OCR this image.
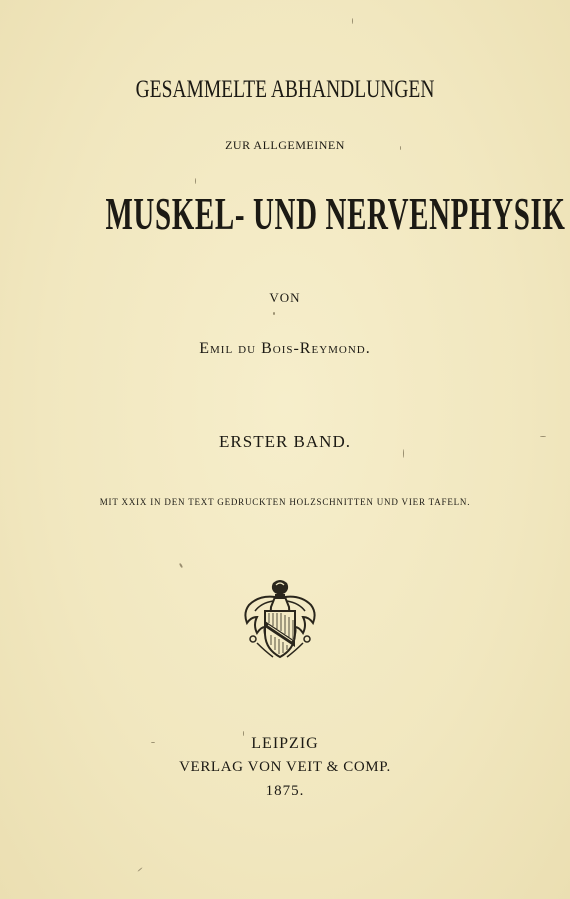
GESAMMELTE ABHANDLUNGEN
ZUR ALLGEMEINEN
MUSKEL- UND NERVENPHYSIK
VON
Emil du Bois-Reymond.
ERSTER BAND.
MIT XXIX IN DEN TEXT GEDRUCKTEN HOLZSCHNITTEN UND VIER TAFELN.
LEIPZIG
VERLAG VON VEIT & COMP.
1875.
